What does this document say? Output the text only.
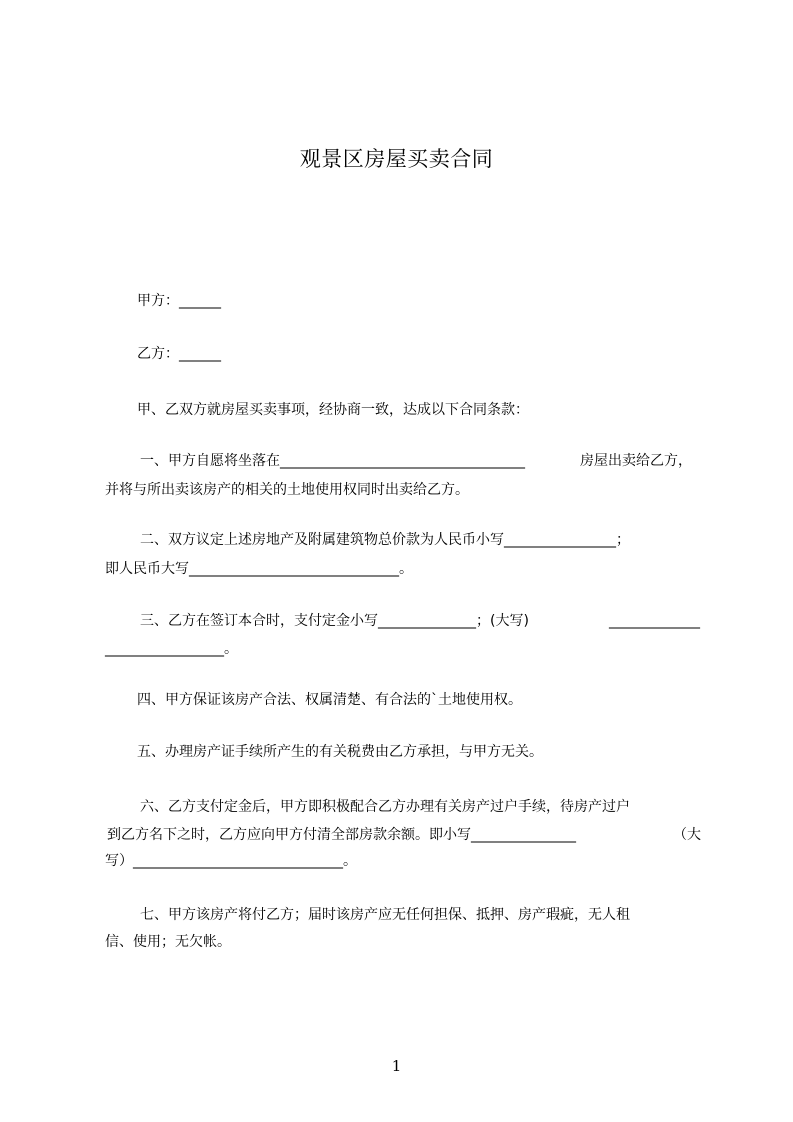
观景区房屋买卖合同
甲方：______
乙方：______
甲、乙双方就房屋买卖事项，经协商一致，达成以下合同条款：
一、甲方自愿将坐落在___________________________________	房屋出卖给乙方，
并将与所出卖该房产的相关的土地使用权同时出卖给乙方。
二、双方议定上述房地产及附属建筑物总价款为人民币小写________________；
即人民币大写______________________________。
三、乙方在签订本合时，支付定金小写______________；(大写)	_____________
_________________。
四、甲方保证该房产合法、权属清楚、有合法的`土地使用权。
五、办理房产证手续所产生的有关税费由乙方承担，与甲方无关。
六、乙方支付定金后，甲方即积极配合乙方办理有关房产过户手续，待房产过户
到乙方名下之时，乙方应向甲方付清全部房款余额。即小写_______________	（大
写）______________________________。
七、甲方该房产将付乙方；届时该房产应无任何担保、抵押、房产瑕疵，无人租
信、使用；无欠帐。
1
